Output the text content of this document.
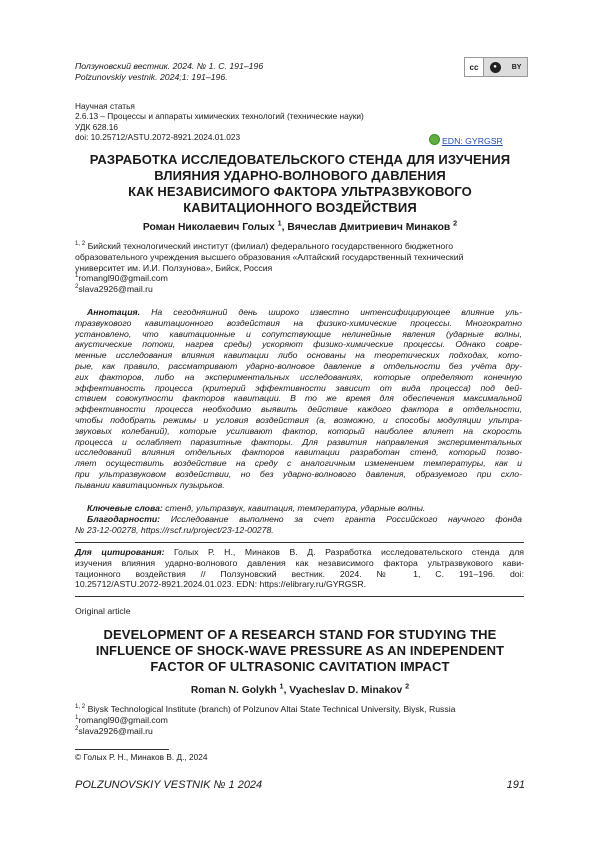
Ползуновский вестник. 2024. № 1. С. 191–196
Polzunovskiy vestnik. 2024;1: 191–196.
cc	●	BY
Научная статья
2.6.13 – Процессы и аппараты химических технологий (технические науки)
УДК 628.16
doi: 10.25712/ASTU.2072-8921.2024.01.023	EDN: GYRGSR
РАЗРАБОТКА ИССЛЕДОВАТЕЛЬСКОГО СТЕНДА ДЛЯ ИЗУЧЕНИЯ
ВЛИЯНИЯ УДАРНО-ВОЛНОВОГО ДАВЛЕНИЯ
КАК НЕЗАВИСИМОГО ФАКТОРА УЛЬТРАЗВУКОВОГО
КАВИТАЦИОННОГО ВОЗДЕЙСТВИЯ
Роман Николаевич Голых $^1$, Вячеслав Дмитриевич Минаков $^2$
$^{1, 2}$ Бийский технологический институт (филиал) федерального государственного бюджетного
образовательного учреждения высшего образования «Алтайский государственный технический
университет им. И.И. Ползунова», Бийск, Россия
$^1$romangl90@gmail.com
$^2$slava2926@mail.ru
Аннотация. На сегодняшний день широко известно интенсифицирующее влияние уль-
тразвукового кавитационного воздействия на физико-химические процессы. Многократно
установлено, что кавитационные и сопутствующие нелинейные явления (ударные волны,
акустические потоки, нагрев среды) ускоряют физико-химические процессы. Однако совре-
менные исследования влияния кавитации либо основаны на теоретических подходах, кото-
рые, как правило, рассматривают ударно-волновое давление в отдельности без учёта дру-
гих факторов, либо на экспериментальных исследованиях, которые определяют конечную
эффективность процесса (критерий эффективности зависит от вида процесса) под дей-
ствием совокупности факторов кавитации. В то же время для обеспечения максимальной
эффективности процесса необходимо выявить действие каждого фактора в отдельности,
чтобы подобрать режимы и условия воздействия (а, возможно, и способы модуляции ультра-
звуковых колебаний), которые усиливают фактор, который наиболее влияет на скорость
процесса и ослабляет паразитные факторы. Для развития направления экспериментальных
исследований влияния отдельных факторов кавитации разработан стенд, который позво-
ляет осуществить воздействие на среду с аналогичным изменением температуры, как и
при ультразвуковом воздействии, но без ударно-волнового давления, образуемого при схло-
пывании кавитационных пузырьков.
Ключевые слова: стенд, ультразвук, кавитация, температура, ударные волны.
Благодарности: Исследование выполнено за счет гранта Российского научного фонда
№ 23-12-00278, https://rscf.ru/project/23-12-00278.
Для цитирования: Голых Р. Н., Минаков В. Д. Разработка исследовательского стенда для
изучения влияния ударно-волнового давления как независимого фактора ультразвукового кави-
тационного воздействия // Ползуновский вестник. 2024. № 1, С. 191–196. doi:
10.25712/ASTU.2072-8921.2024.01.023. EDN: https://elibrary.ru/GYRGSR.
Original article
DEVELOPMENT OF A RESEARCH STAND FOR STUDYING THE
INFLUENCE OF SHOCK-WAVE PRESSURE AS AN INDEPENDENT
FACTOR OF ULTRASONIC CAVITATION IMPACT
Roman N. Golykh $^1$, Vyacheslav D. Minakov $^2$
$^{1, 2}$ Biysk Technological Institute (branch) of Polzunov Altai State Technical University, Biysk, Russia
$^1$romangl90@gmail.com
$^2$slava2926@mail.ru
© Голых Р. Н., Минаков В. Д., 2024
POLZUNOVSKIY VESTNIK № 1 2024	191
